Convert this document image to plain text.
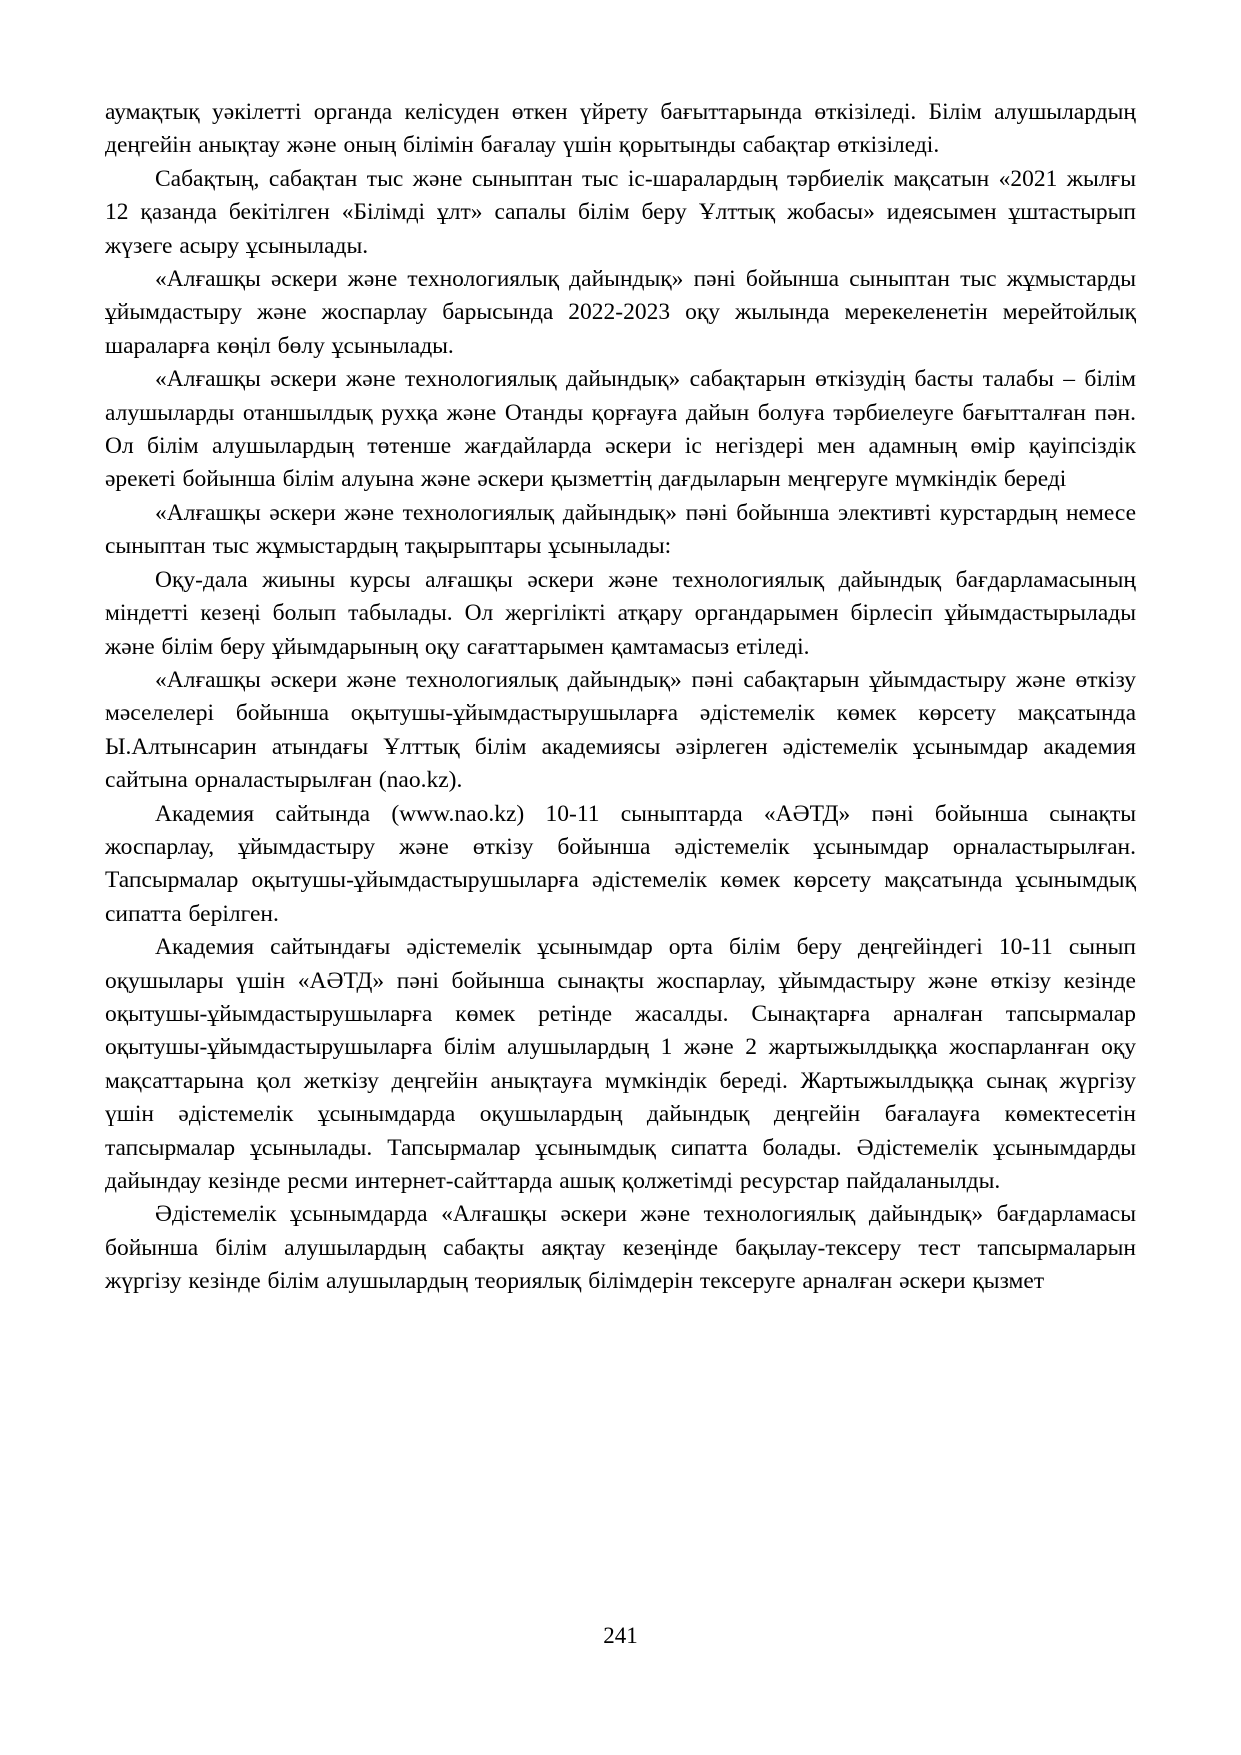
аумақтық уәкілетті органда келісуден өткен үйрету бағыттарында өткізіледі. Білім алушылардың деңгейін анықтау және оның білімін бағалау үшін қорытынды сабақтар өткізіледі.

Сабақтың, сабақтан тыс және сыныптан тыс іс-шаралардың тәрбиелік мақсатын «2021 жылғы 12 қазанда бекітілген «Білімді ұлт» сапалы білім беру Ұлттық жобасы» идеясымен ұштастырып жүзеге асыру ұсынылады.

«Алғашқы әскери және технологиялық дайындық» пәні бойынша сыныптан тыс жұмыстарды ұйымдастыру және жоспарлау барысында 2022-2023 оқу жылында мерекеленетін мерейтойлық шараларға көңіл бөлу ұсынылады.

«Алғашқы әскери және технологиялық дайындық» сабақтарын өткізудің басты талабы – білім алушыларды отаншылдық рухқа және Отанды қорғауға дайын болуға тәрбиелеуге бағытталған пән. Ол білім алушылардың төтенше жағдайларда әскери іс негіздері мен адамның өмір қауіпсіздік әрекеті бойынша білім алуына және әскери қызметтің дағдыларын меңгеруге мүмкіндік береді

«Алғашқы әскери және технологиялық дайындық» пәні бойынша элективті курстардың немесе сыныптан тыс жұмыстардың тақырыптары ұсынылады:

Оқу-дала жиыны курсы алғашқы әскери және технологиялық дайындық бағдарламасының міндетті кезеңі болып табылады. Ол жергілікті атқару органдарымен бірлесіп ұйымдастырылады және білім беру ұйымдарының оқу сағаттарымен қамтамасыз етіледі.

«Алғашқы әскери және технологиялық дайындық» пәні сабақтарын ұйымдастыру және өткізу мәселелері бойынша оқытушы-ұйымдастырушыларға әдістемелік көмек көрсету мақсатында Ы.Алтынсарин атындағы Ұлттық білім академиясы әзірлеген әдістемелік ұсынымдар академия сайтына орналастырылған (nao.kz).

Академия сайтында (www.nao.kz) 10-11 сыныптарда «АӘТД» пәні бойынша сынақты жоспарлау, ұйымдастыру және өткізу бойынша әдістемелік ұсынымдар орналастырылған. Тапсырмалар оқытушы-ұйымдастырушыларға әдістемелік көмек көрсету мақсатында ұсынымдық сипатта берілген.

Академия сайтындағы әдістемелік ұсынымдар орта білім беру деңгейіндегі 10-11 сынып оқушылары үшін «АӘТД» пәні бойынша сынақты жоспарлау, ұйымдастыру және өткізу кезінде оқытушы-ұйымдастырушыларға көмек ретінде жасалды. Сынақтарға арналған тапсырмалар оқытушы-ұйымдастырушыларға білім алушылардың 1 және 2 жартыжылдыққа жоспарланған оқу мақсаттарына қол жеткізу деңгейін анықтауға мүмкіндік береді. Жартыжылдыққа сынақ жүргізу үшін әдістемелік ұсынымдарда оқушылардың дайындық деңгейін бағалауға көмектесетін тапсырмалар ұсынылады. Тапсырмалар ұсынымдық сипатта болады. Әдістемелік ұсынымдарды дайындау кезінде ресми интернет-сайттарда ашық қолжетімді ресурстар пайдаланылды.

Әдістемелік ұсынымдарда «Алғашқы әскери және технологиялық дайындық» бағдарламасы бойынша білім алушылардың сабақты аяқтау кезеңінде бақылау-тексеру тест тапсырмаларын жүргізу кезінде білім алушылардың теориялық білімдерін тексеруге арналған әскери қызмет

241
